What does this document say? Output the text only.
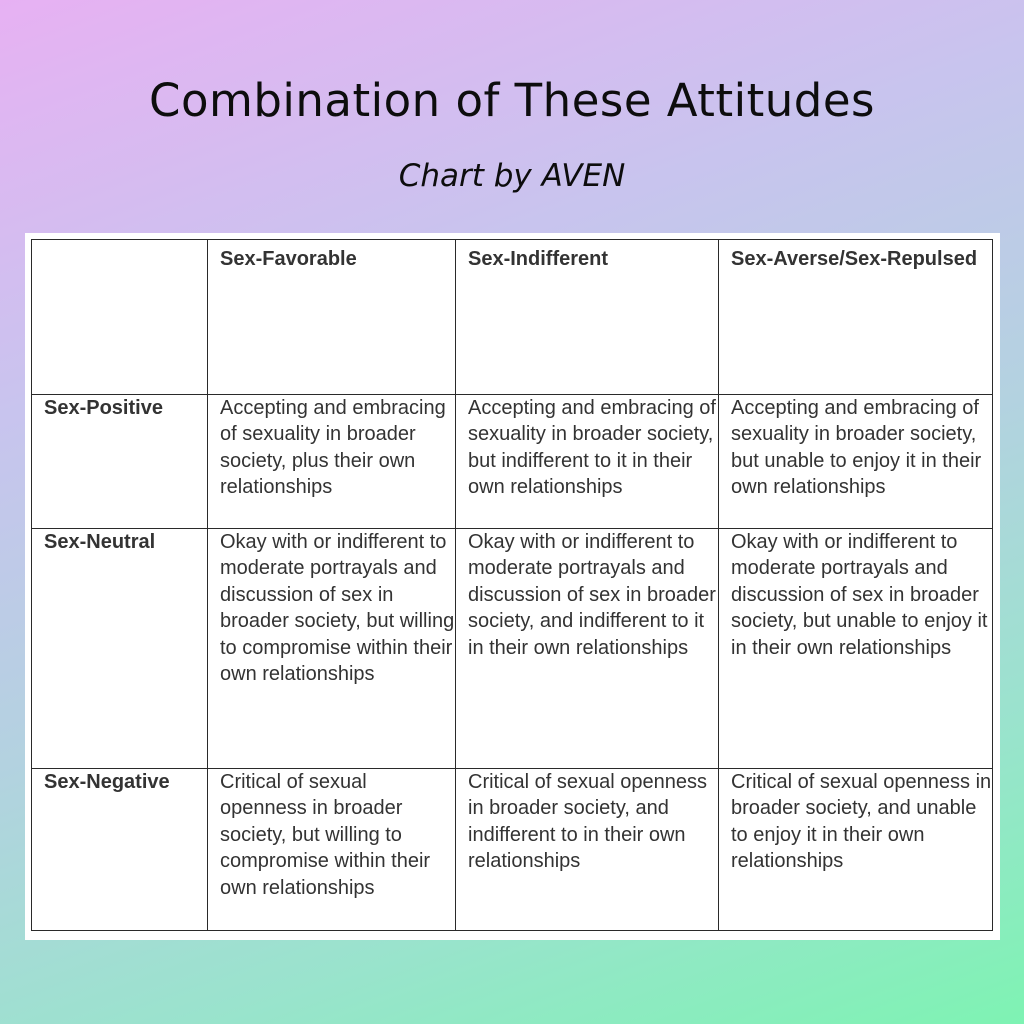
Combination of These Attitudes

Chart by AVEN

	Sex-Favorable	Sex-Indifferent	Sex-Averse/Sex-Repulsed
Sex-Positive	Accepting and embracing of sexuality in broader society, plus their own relationships	Accepting and embracing of sexuality in broader society, but indifferent to it in their own relationships	Accepting and embracing of sexuality in broader society, but unable to enjoy it in their own relationships
Sex-Neutral	Okay with or indifferent to moderate portrayals and discussion of sex in broader society, but willing to compromise within their own relationships	Okay with or indifferent to moderate portrayals and discussion of sex in broader society, and indifferent to it in their own relationships	Okay with or indifferent to moderate portrayals and discussion of sex in broader society, but unable to enjoy it in their own relationships
Sex-Negative	Critical of sexual openness in broader society, but willing to compromise within their own relationships	Critical of sexual openness in broader society, and indifferent to in their own relationships	Critical of sexual openness in broader society, and unable to enjoy it in their own relationships
